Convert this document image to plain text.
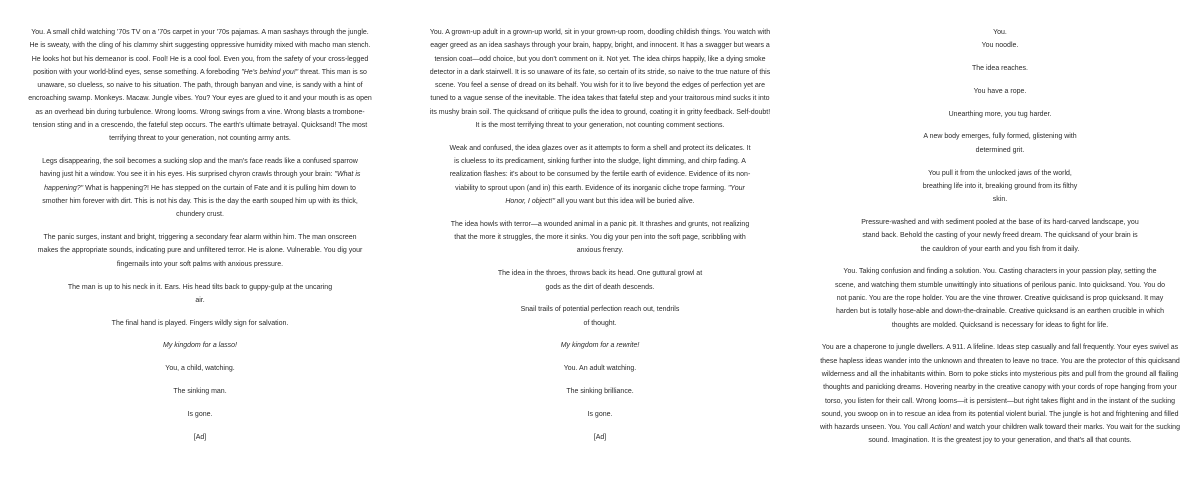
You. A small child watching '70s TV on a '70s carpet in your '70s pajamas. A man sashays through the jungle. He is sweaty, with the cling of his clammy shirt suggesting oppressive humidity mixed with macho man stench. He looks hot but his demeanor is cool. Fool! He is a cool fool. Even you, from the safety of your cross-legged position with your world-blind eyes, sense something. A foreboding "He's behind you!" threat. This man is so unaware, so clueless, so naive to his situation. The path, through banyan and vine, is sandy with a hint of encroaching swamp. Monkeys. Macaw. Jungle vibes. You? Your eyes are glued to it and your mouth is as open as an overhead bin during turbulence. Wrong looms. Wrong swings from a vine. Wrong blasts a trombone-tension sting and in a crescendo, the fateful step occurs. The earth's ultimate betrayal. Quicksand! The most terrifying threat to your generation, not counting army ants.

Legs disappearing, the soil becomes a sucking slop and the man's face reads like a confused sparrow having just hit a window. You see it in his eyes. His surprised chyron crawls through your brain: "What is happening?" What is happening?! He has stepped on the curtain of Fate and it is pulling him down to smother him forever with dirt. This is not his day. This is the day the earth souped him up with its thick, chundery crust.

The panic surges, instant and bright, triggering a secondary fear alarm within him. The man onscreen makes the appropriate sounds, indicating pure and unfiltered terror. He is alone. Vulnerable. You dig your fingernails into your soft palms with anxious pressure.

The man is up to his neck in it. Ears. His head tilts back to guppy-gulp at the uncaring air.

The final hand is played. Fingers wildly sign for salvation.

My kingdom for a lasso!

You, a child, watching.

The sinking man.

Is gone.

[Ad]

You. A grown-up adult in a grown-up world, sit in your grown-up room, doodling childish things. You watch with eager greed as an idea sashays through your brain, happy, bright, and innocent. It has a swagger but wears a tension coat—odd choice, but you don't comment on it. Not yet. The idea chirps happily, like a dying smoke detector in a dark stairwell. It is so unaware of its fate, so certain of its stride, so naive to the true nature of this scene. You feel a sense of dread on its behalf. You wish for it to live beyond the edges of perfection yet are tuned to a vague sense of the inevitable. The idea takes that fateful step and your traitorous mind sucks it into its mushy brain soil. The quicksand of critique pulls the idea to ground, coating it in gritty feedback. Self-doubt! It is the most terrifying threat to your generation, not counting comment sections.

Weak and confused, the idea glazes over as it attempts to form a shell and protect its delicates. It is clueless to its predicament, sinking further into the sludge, light dimming, and chirp fading. A realization flashes: it's about to be consumed by the fertile earth of evidence. Evidence of its non-viability to sprout upon (and in) this earth. Evidence of its inorganic cliche trope farming. "Your Honor, I object!" all you want but this idea will be buried alive.

The idea howls with terror—a wounded animal in a panic pit. It thrashes and grunts, not realizing that the more it struggles, the more it sinks. You dig your pen into the soft page, scribbling with anxious frenzy.

The idea in the throes, throws back its head. One guttural growl at gods as the dirt of death descends.

Snail trails of potential perfection reach out, tendrils of thought.

My kingdom for a rewrite!

You. An adult watching.

The sinking brilliance.

Is gone.

[Ad]

You.
You noodle.

The idea reaches.

You have a rope.

Unearthing more, you tug harder.

A new body emerges, fully formed, glistening with determined grit.

You pull it from the unlocked jaws of the world, breathing life into it, breaking ground from its filthy skin.

Pressure-washed and with sediment pooled at the base of its hard-carved landscape, you stand back. Behold the casting of your newly freed dream. The quicksand of your brain is the cauldron of your earth and you fish from it daily.

You. Taking confusion and finding a solution. You. Casting characters in your passion play, setting the scene, and watching them stumble unwittingly into situations of perilous panic. Into quicksand. You. You do not panic. You are the rope holder. You are the vine thrower. Creative quicksand is prop quicksand. It may harden but is totally hose-able and down-the-drainable. Creative quicksand is an earthen crucible in which thoughts are molded. Quicksand is necessary for ideas to fight for life.

You are a chaperone to jungle dwellers. A 911. A lifeline. Ideas step casually and fall frequently. Your eyes swivel as these hapless ideas wander into the unknown and threaten to leave no trace. You are the protector of this quicksand wilderness and all the inhabitants within. Born to poke sticks into mysterious pits and pull from the ground all flailing thoughts and panicking dreams. Hovering nearby in the creative canopy with your cords of rope hanging from your torso, you listen for their call. Wrong looms—it is persistent—but right takes flight and in the instant of the sucking sound, you swoop on in to rescue an idea from its potential violent burial. The jungle is hot and frightening and filled with hazards unseen. You. You call Action! and watch your children walk toward their marks. You wait for the sucking sound. Imagination. It is the greatest joy to your generation, and that's all that counts.
